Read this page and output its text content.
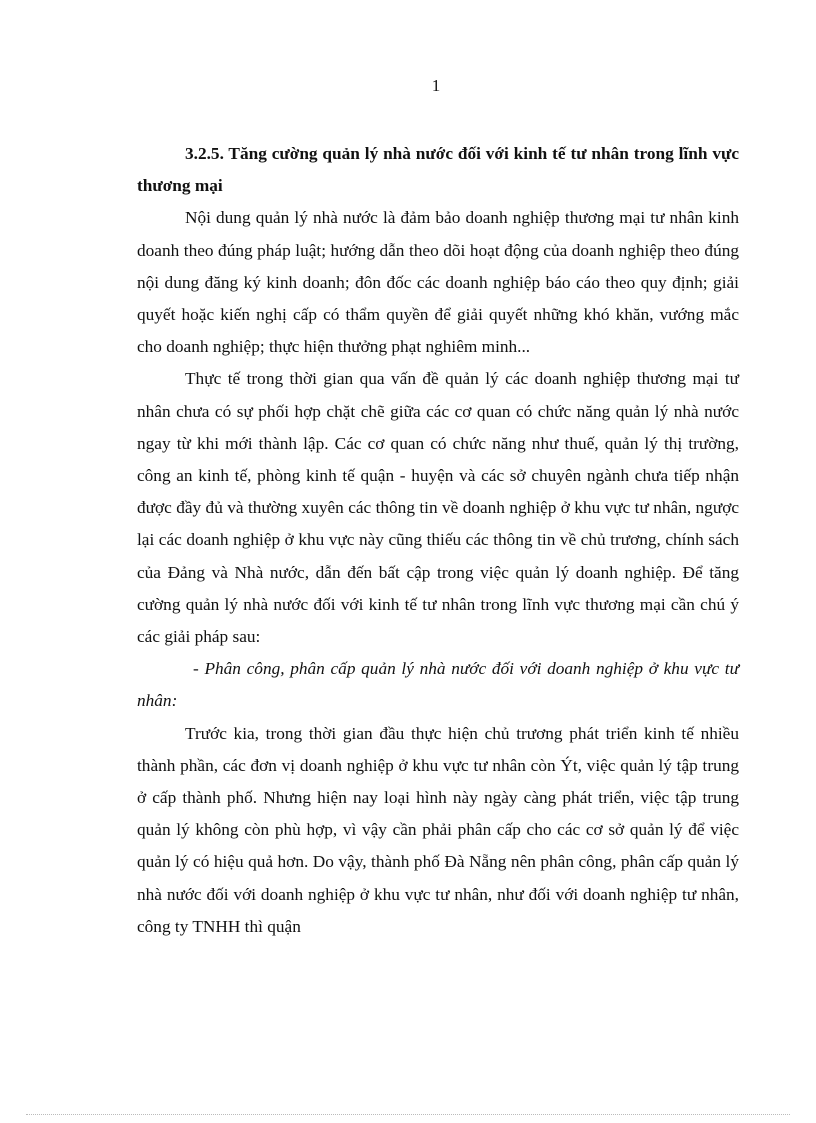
1

3.2.5. Tăng cường quản lý nhà nước đối với kinh tế tư nhân trong lĩnh vực thương mại

Nội dung quản lý nhà nước là đảm bảo doanh nghiệp thương mại tư nhân kinh doanh theo đúng pháp luật; hướng dẫn theo dõi hoạt động của doanh nghiệp theo đúng nội dung đăng ký kinh doanh; đôn đốc các doanh nghiệp báo cáo theo quy định; giải quyết hoặc kiến nghị cấp có thẩm quyền để giải quyết những khó khăn, vướng mắc cho doanh nghiệp; thực hiện thưởng phạt nghiêm minh...

Thực tế trong thời gian qua vấn đề quản lý các doanh nghiệp thương mại tư nhân chưa có sự phối hợp chặt chẽ giữa các cơ quan có chức năng quản lý nhà nước ngay từ khi mới thành lập. Các cơ quan có chức năng như thuế, quản lý thị trường, công an kinh tế, phòng kinh tế quận - huyện và các sở chuyên ngành chưa tiếp nhận được đầy đủ và thường xuyên các thông tin về doanh nghiệp ở khu vực tư nhân, ngược lại các doanh nghiệp ở khu vực này cũng thiếu các thông tin về chủ trương, chính sách của Đảng và Nhà nước, dẫn đến bất cập trong việc quản lý doanh nghiệp. Để tăng cường quản lý nhà nước đối với kinh tế tư nhân trong lĩnh vực thương mại cần chú ý các giải pháp sau:

- Phân công, phân cấp quản lý nhà nước đối với doanh nghiệp ở khu vực tư nhân:

Trước kia, trong thời gian đầu thực hiện chủ trương phát triển kinh tế nhiều thành phần, các đơn vị doanh nghiệp ở khu vực tư nhân còn Ýt, việc quản lý tập trung ở cấp thành phố. Nhưng hiện nay loại hình này ngày càng phát triển, việc tập trung quản lý không còn phù hợp, vì vậy cần phải phân cấp cho các cơ sở quản lý để việc quản lý có hiệu quả hơn. Do vậy, thành phố Đà Nẵng nên phân công, phân cấp quản lý nhà nước đối với doanh nghiệp ở khu vực tư nhân, như đối với doanh nghiệp tư nhân, công ty TNHH thì quận
